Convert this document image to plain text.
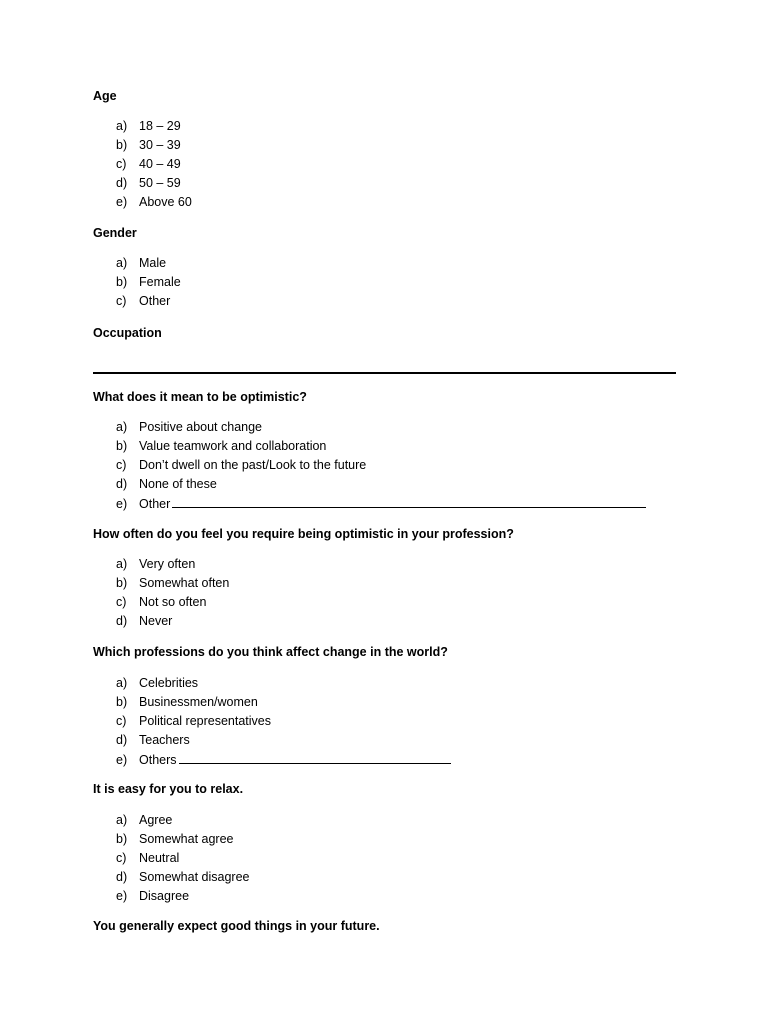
Age
a) 18 – 29
b) 30 – 39
c) 40 – 49
d) 50 – 59
e) Above 60
Gender
a) Male
b) Female
c) Other
Occupation
What does it mean to be optimistic?
a) Positive about change
b) Value teamwork and collaboration
c) Don’t dwell on the past/Look to the future
d) None of these
e) Other
How often do you feel you require being optimistic in your profession?
a) Very often
b) Somewhat often
c) Not so often
d) Never
Which professions do you think affect change in the world?
a) Celebrities
b) Businessmen/women
c) Political representatives
d) Teachers
e) Others
It is easy for you to relax.
a) Agree
b) Somewhat agree
c) Neutral
d) Somewhat disagree
e) Disagree
You generally expect good things in your future.
